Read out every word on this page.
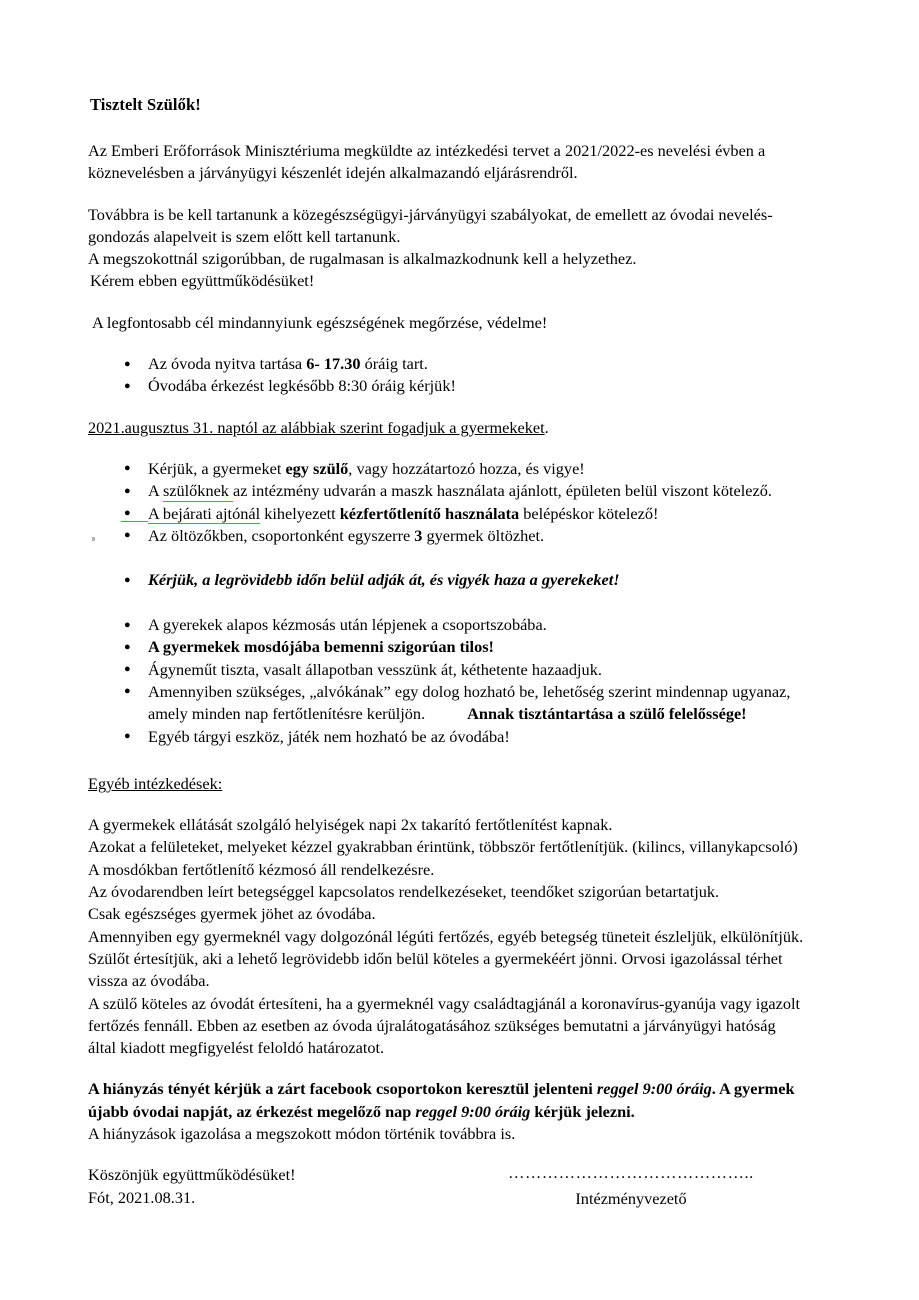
Tisztelt Szülők!

Az Emberi Erőforrások Minisztériuma megküldte az intézkedési tervet a 2021/2022-es nevelési évben a köznevelésben a járványügyi készenlét idején alkalmazandó eljárásrendről.

Továbbra is be kell tartanunk a közegészségügyi-járványügyi szabályokat, de emellett az óvodai nevelés-gondozás alapelveit is szem előtt kell tartanunk.

A megszokottnál szigorúbban, de rugalmasan is alkalmazkodnunk kell a helyzethez.

Kérem ebben együttműködésüket!

A legfontosabb cél mindannyiunk egészségének megőrzése, védelme!

● Az óvoda nyitva tartása 6- 17.30 óráig tart.
● Óvodába érkezést legkésőbb 8:30 óráig kérjük!

2021.augusztus 31. naptól az alábbiak szerint fogadjuk a gyermekeket.

● Kérjük, a gyermeket egy szülő, vagy hozzátartozó hozza, és vigye!
● A szülőknek az intézmény udvarán a maszk használata ajánlott, épületen belül viszont kötelező.
● A bejárati ajtónál kihelyezett kézfertőtlenítő használata belépéskor kötelező!
● Az öltözőkben, csoportonként egyszerre 3 gyermek öltözhet.
● Kérjük, a legrövidebb időn belül adják át, és vigyék haza a gyerekeket!
● A gyerekek alapos kézmosás után lépjenek a csoportszobába.
● A gyermekek mosdójába bemenni szigorúan tilos!
● Ágyneműt tiszta, vasalt állapotban vesszünk át, kéthetente hazaadjuk.
● Amennyiben szükséges, „alvókának” egy dolog hozható be, lehetőség szerint mindennap ugyanaz, amely minden nap fertőtlenítésre kerüljön.	Annak tisztántartása a szülő felelőssége!
● Egyéb tárgyi eszköz, játék nem hozható be az óvodába!

Egyéb intézkedések:

A gyermekek ellátását szolgáló helyiségek napi 2x takarító fertőtlenítést kapnak.

Azokat a felületeket, melyeket kézzel gyakrabban érintünk, többször fertőtlenítjük. (kilincs, villanykapcsoló)

A mosdókban fertőtlenítő kézmosó áll rendelkezésre.

Az óvodarendben leírt betegséggel kapcsolatos rendelkezéseket, teendőket szigorúan betartatjuk.

Csak egészséges gyermek jöhet az óvodába.

Amennyiben egy gyermeknél vagy dolgozónál légúti fertőzés, egyéb betegség tüneteit észleljük, elkülönítjük. Szülőt értesítjük, aki a lehető legrövidebb időn belül köteles a gyermekéért jönni. Orvosi igazolással térhet vissza az óvodába.

A szülő köteles az óvodát értesíteni, ha a gyermeknél vagy családtagjánál a koronavírus-gyanúja vagy igazolt fertőzés fennáll. Ebben az esetben az óvoda újralátogatásához szükséges bemutatni a járványügyi hatóság által kiadott megfigyelést feloldó határozatot.

A hiányzás tényét kérjük a zárt facebook csoportokon keresztül jelenteni reggel 9:00 óráig. A gyermek újabb óvodai napját, az érkezést megelőző nap reggel 9:00 óráig kérjük jelezni.

A hiányzások igazolása a megszokott módon történik továbbra is.

Köszönjük együttműködésüket!

Fót, 2021.08.31.

……………………………………..
Intézményvezető
